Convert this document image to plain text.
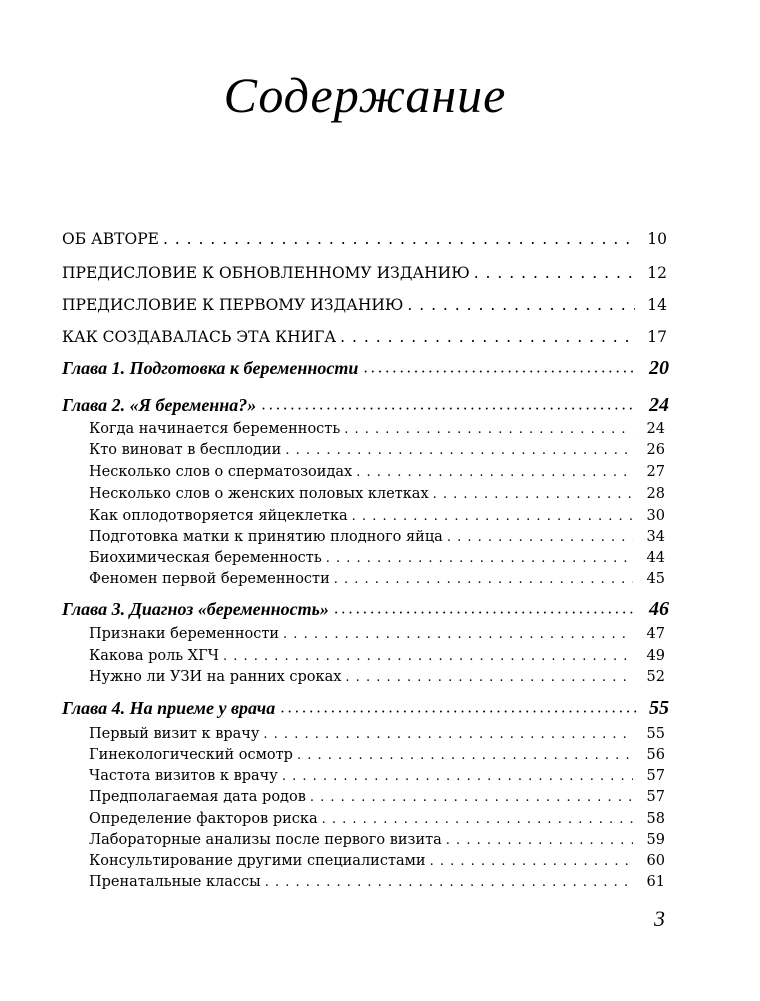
Содержание
ОБ АВТОРЕ . . .	10
ПРЕДИСЛОВИЕ К ОБНОВЛЕННОМУ ИЗДАНИЮ . . .	12
ПРЕДИСЛОВИЕ К ПЕРВОМУ ИЗДАНИЮ . . .	14
КАК СОЗДАВАЛАСЬ ЭТА КНИГА . . .	17
Глава 1. Подготовка к беременности • • •	20
Глава 2. «Я беременна?» • • •	24
Когда начинается беременность . . .	24
Кто виноват в бесплодии . . .	26
Несколько слов о сперматозоидах . . .	27
Несколько слов о женских половых клетках . . .	28
Как оплодотворяется яйцеклетка . . .	30
Подготовка матки к принятию плодного яйца . . .	34
Биохимическая беременность . . .	44
Феномен первой беременности . . .	45
Глава 3. Диагноз «беременность» • • •	46
Признаки беременности . . .	47
Какова роль ХГЧ . . .	49
Нужно ли УЗИ на ранних сроках . . .	52
Глава 4. На приеме у врача • • •	55
Первый визит к врачу . . .	55
Гинекологический осмотр . . .	56
Частота визитов к врачу . . .	57
Предполагаемая дата родов . . .	57
Определение факторов риска . . .	58
Лабораторные анализы после первого визита . . .	59
Консультирование другими специалистами . . .	60
Пренатальные классы . . .	61
3
